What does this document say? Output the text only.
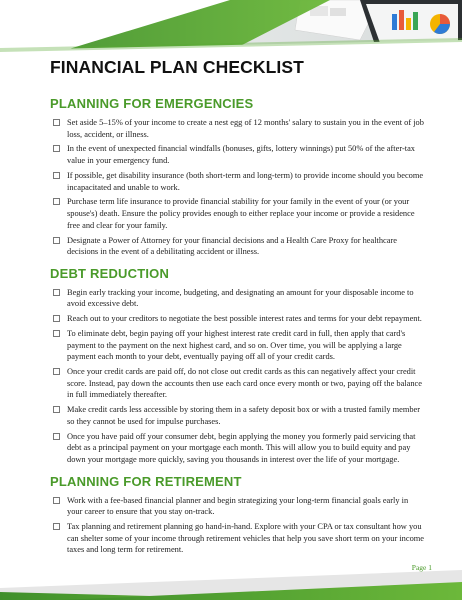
FINANCIAL PLAN CHECKLIST
PLANNING FOR EMERGENCIES
Set aside 5–15% of your income to create a nest egg of 12 months' salary to sustain you in the event of job loss, accident, or illness.
In the event of unexpected financial windfalls (bonuses, gifts, lottery winnings) put 50% of the after-tax value in your emergency fund.
If possible, get disability insurance (both short-term and long-term) to provide income should you become incapacitated and unable to work.
Purchase term life insurance to provide financial stability for your family in the event of your (or your spouse's) death. Ensure the policy provides enough to either replace your income or provide a residence free and clear for your family.
Designate a Power of Attorney for your financial decisions and a Health Care Proxy for healthcare decisions in the event of a debilitating accident or illness.
DEBT REDUCTION
Begin early tracking your income, budgeting, and designating an amount for your disposable income to avoid excessive debt.
Reach out to your creditors to negotiate the best possible interest rates and terms for your debt repayment.
To eliminate debt, begin paying off your highest interest rate credit card in full, then apply that card's payment to the payment on the next highest card, and so on. Over time, you will be applying a large payment each month to your debt, eventually paying off all of your credit cards.
Once your credit cards are paid off, do not close out credit cards as this can negatively affect your credit score. Instead, pay down the accounts then use each card once every month or two, paying off the balance in full immediately thereafter.
Make credit cards less accessible by storing them in a safety deposit box or with a trusted family member so they cannot be used for impulse purchases.
Once you have paid off your consumer debt, begin applying the money you formerly paid servicing that debt as a principal payment on your mortgage each month. This will allow you to build equity and pay down your mortgage more quickly, saving you thousands in interest over the life of your mortgage.
PLANNING FOR RETIREMENT
Work with a fee-based financial planner and begin strategizing your long-term financial goals early in your career to ensure that you stay on-track.
Tax planning and retirement planning go hand-in-hand. Explore with your CPA or tax consultant how you can shelter some of your income through retirement vehicles that help you save short term on your income taxes and long term for retirement.
Page 1
